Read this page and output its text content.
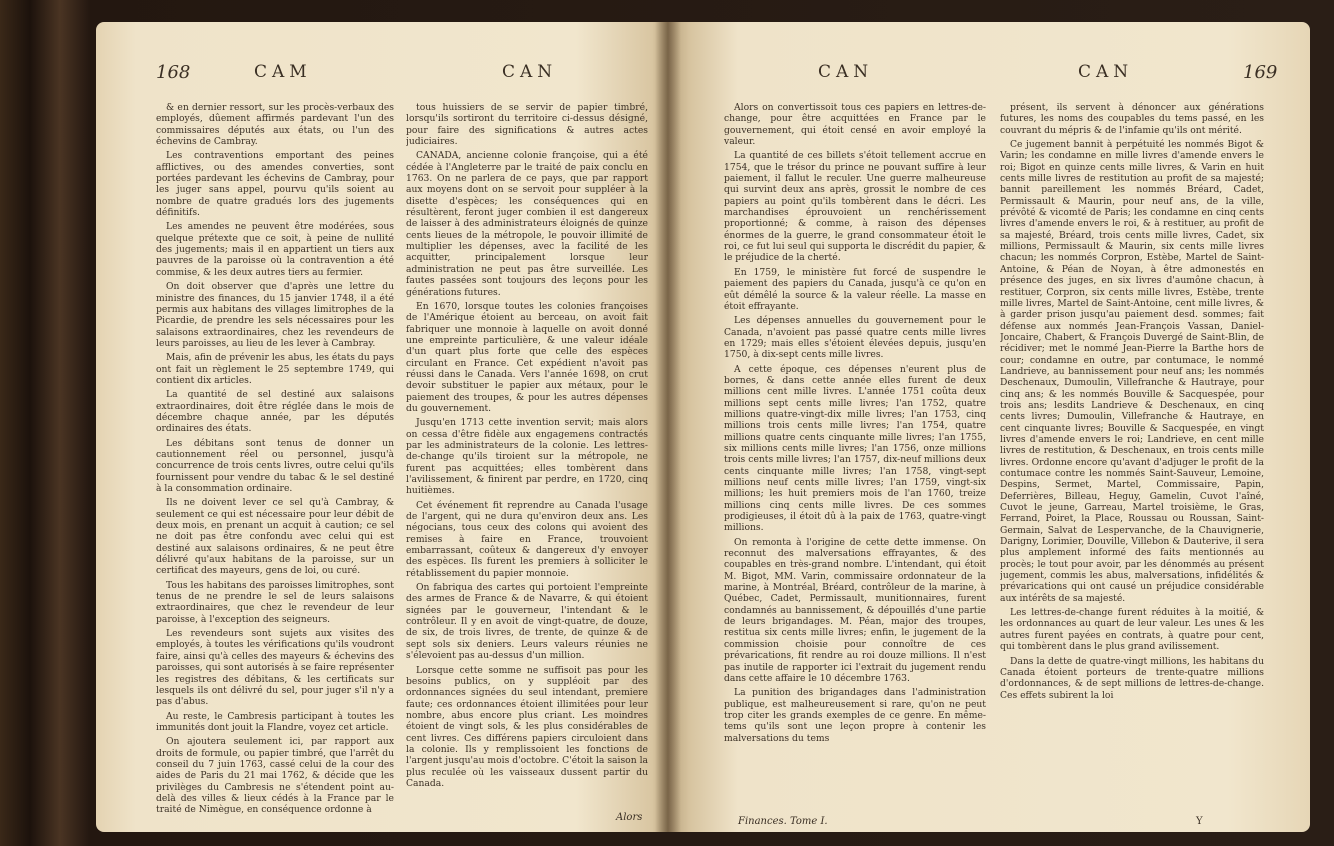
168	CAM	CAN

& en dernier ressort, sur les procès-verbaux des employés, dûement affirmés pardevant l'un des commissaires députés aux états, ou l'un des échevins de Cambray.

Les contraventions emportant des peines afflictives, ou des amendes converties, sont portées pardevant les échevins de Cambray, pour les juger sans appel, pourvu qu'ils soient au nombre de quatre gradués lors des jugements définitifs.

Les amendes ne peuvent être modérées, sous quelque prétexte que ce soit, à peine de nullité des jugements; mais il en appartient un tiers aux pauvres de la paroisse où la contravention a été commise, & les deux autres tiers au fermier.

On doit observer que d'après une lettre du ministre des finances, du 15 janvier 1748, il a été permis aux habitans des villages limitrophes de la Picardie, de prendre les sels nécessaires pour les salaisons extraordinaires, chez les revendeurs de leurs paroisses, au lieu de les lever à Cambray.

Mais, afin de prévenir les abus, les états du pays ont fait un règlement le 25 septembre 1749, qui contient dix articles.

La quantité de sel destiné aux salaisons extraordinaires, doit être réglée dans le mois de décembre chaque année, par les députés ordinaires des états.

Les débitans sont tenus de donner un cautionnement réel ou personnel, jusqu'à concurrence de trois cents livres, outre celui qu'ils fournissent pour vendre du tabac & le sel destiné à la consommation ordinaire.

Ils ne doivent lever ce sel qu'à Cambray, & seulement ce qui est nécessaire pour leur débit de deux mois, en prenant un acquit à caution; ce sel ne doit pas être confondu avec celui qui est destiné aux salaisons ordinaires, & ne peut être délivré qu'aux habitans de la paroisse, sur un certificat des mayeurs, gens de loi, ou curé.

Tous les habitans des paroisses limitrophes, sont tenus de ne prendre le sel de leurs salaisons extraordinaires, que chez le revendeur de leur paroisse, à l'exception des seigneurs.

Les revendeurs sont sujets aux visites des employés, à toutes les vérifications qu'ils voudront faire, ainsi qu'à celles des mayeurs & échevins des paroisses, qui sont autorisés à se faire représenter les registres des débitans, & les certificats sur lesquels ils ont délivré du sel, pour juger s'il n'y a pas d'abus.

Au reste, le Cambresis participant à toutes les immunités dont jouit la Flandre, voyez cet article.

On ajoutera seulement ici, par rapport aux droits de formule, ou papier timbré, que l'arrêt du conseil du 7 juin 1763, cassé celui de la cour des aides de Paris du 21 mai 1762, & décide que les privilèges du Cambresis ne s'étendent point au-delà des villes & lieux cédés à la France par le traité de Nimègue, en conséquence ordonne à

tous huissiers de se servir de papier timbré, lorsqu'ils sortiront du territoire ci-dessus désigné, pour faire des significations & autres actes judiciaires.

CANADA, ancienne colonie françoise, qui a été cédée à l'Angleterre par le traité de paix conclu en 1763. On ne parlera de ce pays, que par rapport aux moyens dont on se servoit pour suppléer à la disette d'espèces; les conséquences qui en résultèrent, feront juger combien il est dangereux de laisser à des administrateurs éloignés de quinze cents lieues de la métropole, le pouvoir illimité de multiplier les dépenses, avec la facilité de les acquitter, principalement lorsque leur administration ne peut pas être surveillée. Les fautes passées sont toujours des leçons pour les générations futures.

En 1670, lorsque toutes les colonies françoises de l'Amérique étoient au berceau, on avoit fait fabriquer une monnoie à laquelle on avoit donné une empreinte particulière, & une valeur idéale d'un quart plus forte que celle des espèces circulant en France. Cet expédient n'avoit pas réussi dans le Canada. Vers l'année 1698, on crut devoir substituer le papier aux métaux, pour le paiement des troupes, & pour les autres dépenses du gouvernement.

Jusqu'en 1713 cette invention servit; mais alors on cessa d'être fidèle aux engagemens contractés par les administrateurs de la colonie. Les lettres-de-change qu'ils tiroient sur la métropole, ne furent pas acquittées; elles tombèrent dans l'avilissement, & finirent par perdre, en 1720, cinq huitièmes.

Cet événement fit reprendre au Canada l'usage de l'argent, qui ne dura qu'environ deux ans. Les négocians, tous ceux des colons qui avoient des remises à faire en France, trouvoient embarrassant, coûteux & dangereux d'y envoyer des espèces. Ils furent les premiers à solliciter le rétablissement du papier monnoie.

On fabriqua des cartes qui portoient l'empreinte des armes de France & de Navarre, & qui étoient signées par le gouverneur, l'intendant & le contrôleur. Il y en avoit de vingt-quatre, de douze, de six, de trois livres, de trente, de quinze & de sept sols six deniers. Leurs valeurs réunies ne s'élevoient pas au-dessus d'un million.

Lorsque cette somme ne suffisoit pas pour les besoins publics, on y suppléoit par des ordonnances signées du seul intendant, premiere faute; ces ordonnances étoient illimitées pour leur nombre, abus encore plus criant. Les moindres étoient de vingt sols, & les plus considérables de cent livres. Ces différens papiers circuloient dans la colonie. Ils y remplissoient les fonctions de l'argent jusqu'au mois d'octobre. C'étoit la saison la plus reculée où les vaisseaux dussent partir du Canada.

Alors
CAN	CAN	169

Alors on convertissoit tous ces papiers en lettres-de-change, pour être acquittées en France par le gouvernement, qui étoit censé en avoir employé la valeur.

La quantité de ces billets s'étoit tellement accrue en 1754, que le trésor du prince ne pouvant suffire à leur paiement, il fallut le reculer. Une guerre malheureuse qui survint deux ans après, grossit le nombre de ces papiers au point qu'ils tombèrent dans le décri. Les marchandises éprouvoient un renchérissement proportionné; & comme, à raison des dépenses énormes de la guerre, le grand consommateur étoit le roi, ce fut lui seul qui supporta le discrédit du papier, & le préjudice de la cherté.

En 1759, le ministère fut forcé de suspendre le paiement des papiers du Canada, jusqu'à ce qu'on en eût démêlé la source & la valeur réelle. La masse en étoit effrayante.

Les dépenses annuelles du gouvernement pour le Canada, n'avoient pas passé quatre cents mille livres en 1729; mais elles s'étoient élevées depuis, jusqu'en 1750, à dix-sept cents mille livres.

A cette époque, ces dépenses n'eurent plus de bornes, & dans cette année elles furent de deux millions cent mille livres. L'année 1751 coûta deux millions sept cents mille livres; l'an 1752, quatre millions quatre-vingt-dix mille livres; l'an 1753, cinq millions trois cents mille livres; l'an 1754, quatre millions quatre cents cinquante mille livres; l'an 1755, six millions cents mille livres; l'an 1756, onze millions trois cents mille livres; l'an 1757, dix-neuf millions deux cents cinquante mille livres; l'an 1758, vingt-sept millions neuf cents mille livres; l'an 1759, vingt-six millions; les huit premiers mois de l'an 1760, treize millions cinq cents mille livres. De ces sommes prodigieuses, il étoit dû à la paix de 1763, quatre-vingt millions.

On remonta à l'origine de cette dette immense. On reconnut des malversations effrayantes, & des coupables en très-grand nombre. L'intendant, qui étoit M. Bigot, MM. Varin, commissaire ordonnateur de la marine, à Montréal, Bréard, contrôleur de la marine, à Québec, Cadet, Permissault, munitionnaires, furent condamnés au bannissement, & dépouillés d'une partie de leurs brigandages. M. Péan, major des troupes, restitua six cents mille livres; enfin, le jugement de la commission choisie pour connoître de ces prévarications, fit rendre au roi douze millions. Il n'est pas inutile de rapporter ici l'extrait du jugement rendu dans cette affaire le 10 décembre 1763.

La punition des brigandages dans l'administration publique, est malheureusement si rare, qu'on ne peut trop citer les grands exemples de ce genre. En même-tems qu'ils sont une leçon propre à contenir les malversations du tems

Finances. Tome I.

présent, ils servent à dénoncer aux générations futures, les noms des coupables du tems passé, en les couvrant du mépris & de l'infamie qu'ils ont mérité.

Ce jugement bannit à perpétuité les nommés Bigot & Varin; les condamne en mille livres d'amende envers le roi; Bigot en quinze cents mille livres, & Varin en huit cents mille livres de restitution au profit de sa majesté; bannit pareillement les nommés Bréard, Cadet, Permissault & Maurin, pour neuf ans, de la ville, prévôté & vicomté de Paris; les condamne en cinq cents livres d'amende envers le roi, & à restituer, au profit de sa majesté, Bréard, trois cents mille livres, Cadet, six millions, Permissault & Maurin, six cents mille livres chacun; les nommés Corpron, Estèbe, Martel de Saint-Antoine, & Péan de Noyan, à être admonestés en présence des juges, en six livres d'aumône chacun, à restituer, Corpron, six cents mille livres, Estèbe, trente mille livres, Martel de Saint-Antoine, cent mille livres, & à garder prison jusqu'au paiement desd. sommes; fait défense aux nommés Jean-François Vassan, Daniel-Joncaire, Chabert, & François Duvergé de Saint-Blin, de récidiver; met le nommé Jean-Pierre la Barthe hors de cour; condamne en outre, par contumace, le nommé Landrieve, au bannissement pour neuf ans; les nommés Deschenaux, Dumoulin, Villefranche & Hautraye, pour cinq ans; & les nommés Bouville & Sacquespée, pour trois ans; lesdits Landrieve & Deschenaux, en cinq cents livres; Dumoulin, Villefranche & Hautraye, en cent cinquante livres; Bouville & Sacquespée, en vingt livres d'amende envers le roi; Landrieve, en cent mille livres de restitution, & Deschenaux, en trois cents mille livres. Ordonne encore qu'avant d'adjuger le profit de la contumace contre les nommés Saint-Sauveur, Lemoine, Despins, Sermet, Martel, Commissaire, Papin, Deferrières, Billeau, Heguy, Gamelin, Cuvot l'aîné, Cuvot le jeune, Garreau, Martel troisième, le Gras, Ferrand, Poiret, la Place, Roussau ou Roussan, Saint-Germain, Salvat de Lespervanche, de la Chauvignerie, Darigny, Lorimier, Douville, Villebon & Dauterive, il sera plus amplement informé des faits mentionnés au procès; le tout pour avoir, par les dénommés au présent jugement, commis les abus, malversations, infidélités & prévarications qui ont causé un préjudice considérable aux intérêts de sa majesté.

Les lettres-de-change furent réduites à la moitié, & les ordonnances au quart de leur valeur. Les unes & les autres furent payées en contrats, à quatre pour cent, qui tombèrent dans le plus grand avilissement.

Dans la dette de quatre-vingt millions, les habitans du Canada étoient porteurs de trente-quatre millions d'ordonnances, & de sept millions de lettres-de-change. Ces effets subirent la loi

Y
